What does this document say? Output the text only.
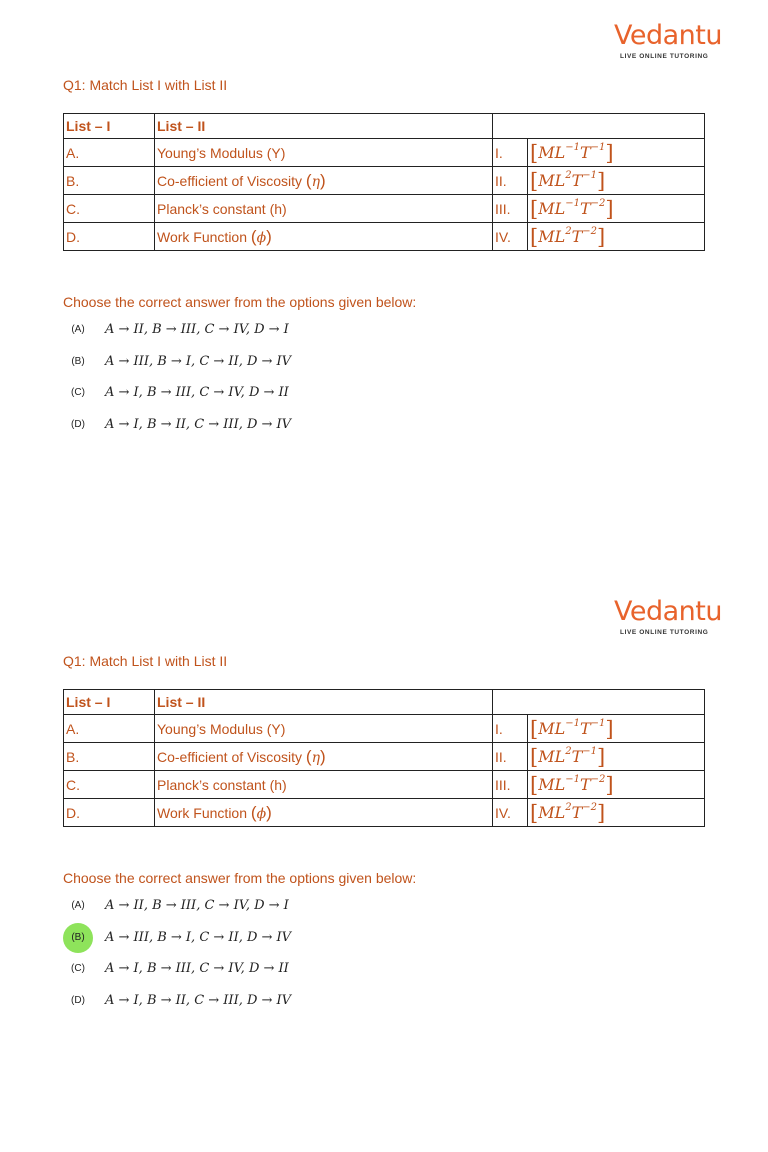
Vedantu
LIVE ONLINE TUTORING
Q1: Match List I with List II
List – I	List – II		
A.	Young’s Modulus (Y)	I.	$[ML^{-1}T^{-1}]$
B.	Co-efficient of Viscosity (η)	II.	$[ML^2T^{-1}]$
C.	Planck’s constant (h)	III.	$[ML^{-1}T^{-2}]$
D.	Work Function (ϕ)	IV.	$[ML^2T^{-2}]$
Choose the correct answer from the options given below:
(A)	A → II, B → III, C → IV, D → I
(B)	A → III, B → I, C → II, D → IV
(C)	A → I, B → III, C → IV, D → II
(D)	A → I, B → II, C → III, D → IV
Vedantu
LIVE ONLINE TUTORING
Q1: Match List I with List II
List – I	List – II		
A.	Young’s Modulus (Y)	I.	$[ML^{-1}T^{-1}]$
B.	Co-efficient of Viscosity (η)	II.	$[ML^2T^{-1}]$
C.	Planck’s constant (h)	III.	$[ML^{-1}T^{-2}]$
D.	Work Function (ϕ)	IV.	$[ML^2T^{-2}]$
Choose the correct answer from the options given below:
(A)	A → II, B → III, C → IV, D → I
(B)	A → III, B → I, C → II, D → IV
(C)	A → I, B → III, C → IV, D → II
(D)	A → I, B → II, C → III, D → IV
